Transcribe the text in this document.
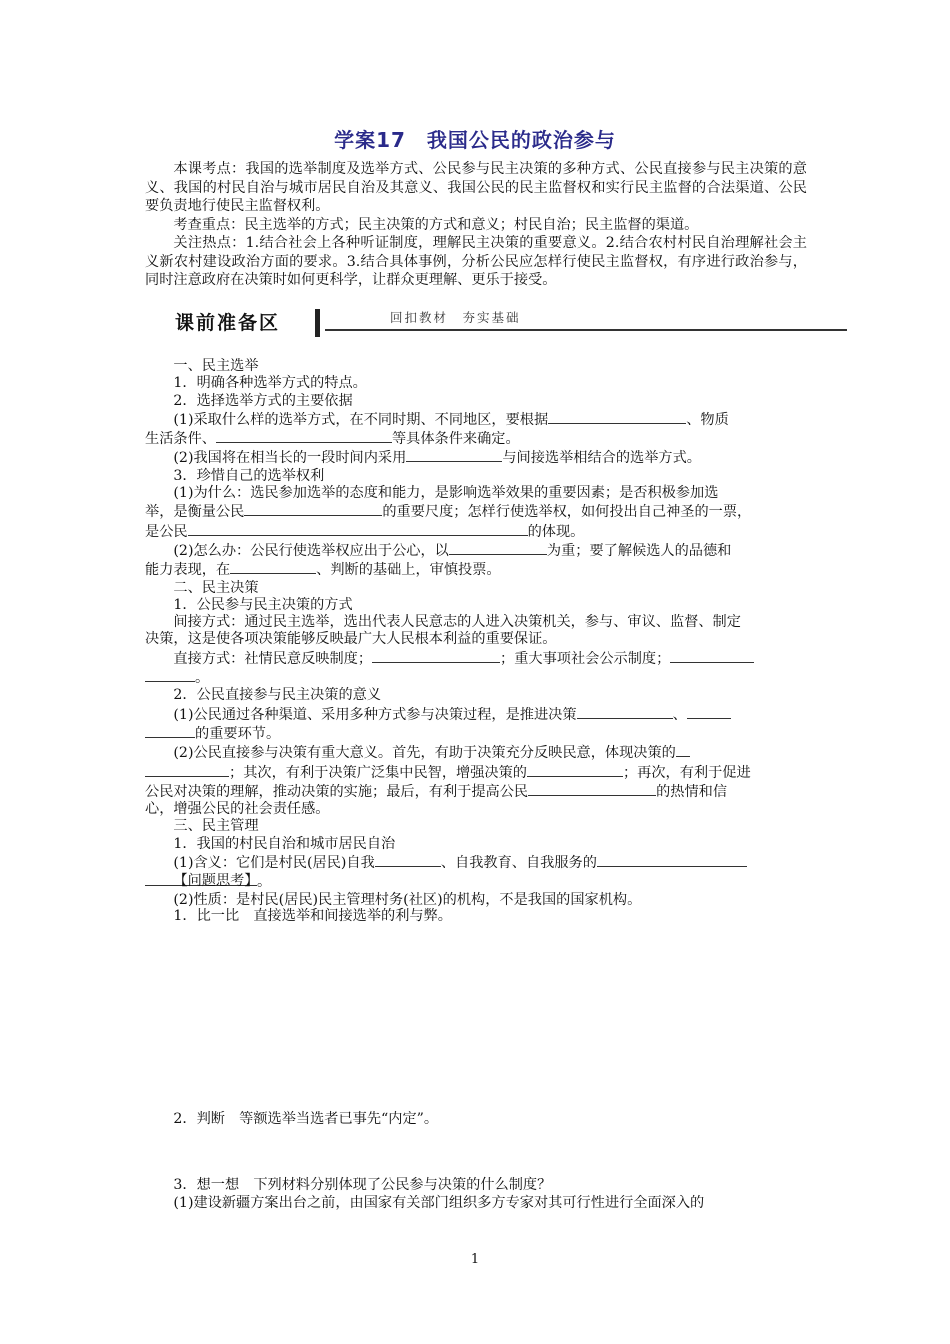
学案17　我国公民的政治参与

本课考点：我国的选举制度及选举方式、公民参与民主决策的多种方式、公民直接参与民主决策的意义、我国的村民自治与城市居民自治及其意义、我国公民的民主监督权和实行民主监督的合法渠道、公民要负责地行使民主监督权利。

考查重点：民主选举的方式；民主决策的方式和意义；村民自治；民主监督的渠道。

关注热点：1.结合社会上各种听证制度，理解民主决策的重要意义。2.结合农村村民自治理解社会主义新农村建设政治方面的要求。3.结合具体事例，分析公民应怎样行使民主监督权，有序进行政治参与，同时注意政府在决策时如何更科学，让群众更理解、更乐于接受。

课前准备区	回扣教材　夯实基础

一、民主选举

1．明确各种选举方式的特点。

2．选择选举方式的主要依据

(1)采取什么样的选举方式，在不同时期、不同地区，要根据	、物质

生活条件、	等具体条件来确定。

(2)我国将在相当长的一段时间内采用	与间接选举相结合的选举方式。

3．珍惜自己的选举权利

(1)为什么：选民参加选举的态度和能力，是影响选举效果的重要因素；是否积极参加选

举，是衡量公民	的重要尺度；怎样行使选举权，如何投出自己神圣的一票，

是公民	的体现。

(2)怎么办：公民行使选举权应出于公心，以	为重；要了解候选人的品德和

能力表现，在	、判断的基础上，审慎投票。

二、民主决策

1．公民参与民主决策的方式

间接方式：通过民主选举，选出代表人民意志的人进入决策机关，参与、审议、监督、制定

决策，这是使各项决策能够反映最广大人民根本利益的重要保证。

直接方式：社情民意反映制度；	；重大事项社会公示制度；

。

2．公民直接参与民主决策的意义

(1)公民通过各种渠道、采用多种方式参与决策过程，是推进决策	、

的重要环节。

(2)公民直接参与决策有重大意义。首先，有助于决策充分反映民意，体现决策的

；其次，有利于决策广泛集中民智，增强决策的	；再次，有利于促进

公民对决策的理解，推动决策的实施；最后，有利于提高公民	的热情和信

心，增强公民的社会责任感。

三、民主管理

1．我国的村民自治和城市居民自治

(1)含义：它们是村民(居民)自我	、自我教育、自我服务的

。

(2)性质：是村民(居民)民主管理村务(社区)的机构，不是我国的国家机构。

【问题思考】

1．比一比　直接选举和间接选举的利与弊。

2．判断　等额选举当选者已事先“内定”。

3．想一想　下列材料分别体现了公民参与决策的什么制度？

(1)建设新疆方案出台之前，由国家有关部门组织多方专家对其可行性进行全面深入的

1
